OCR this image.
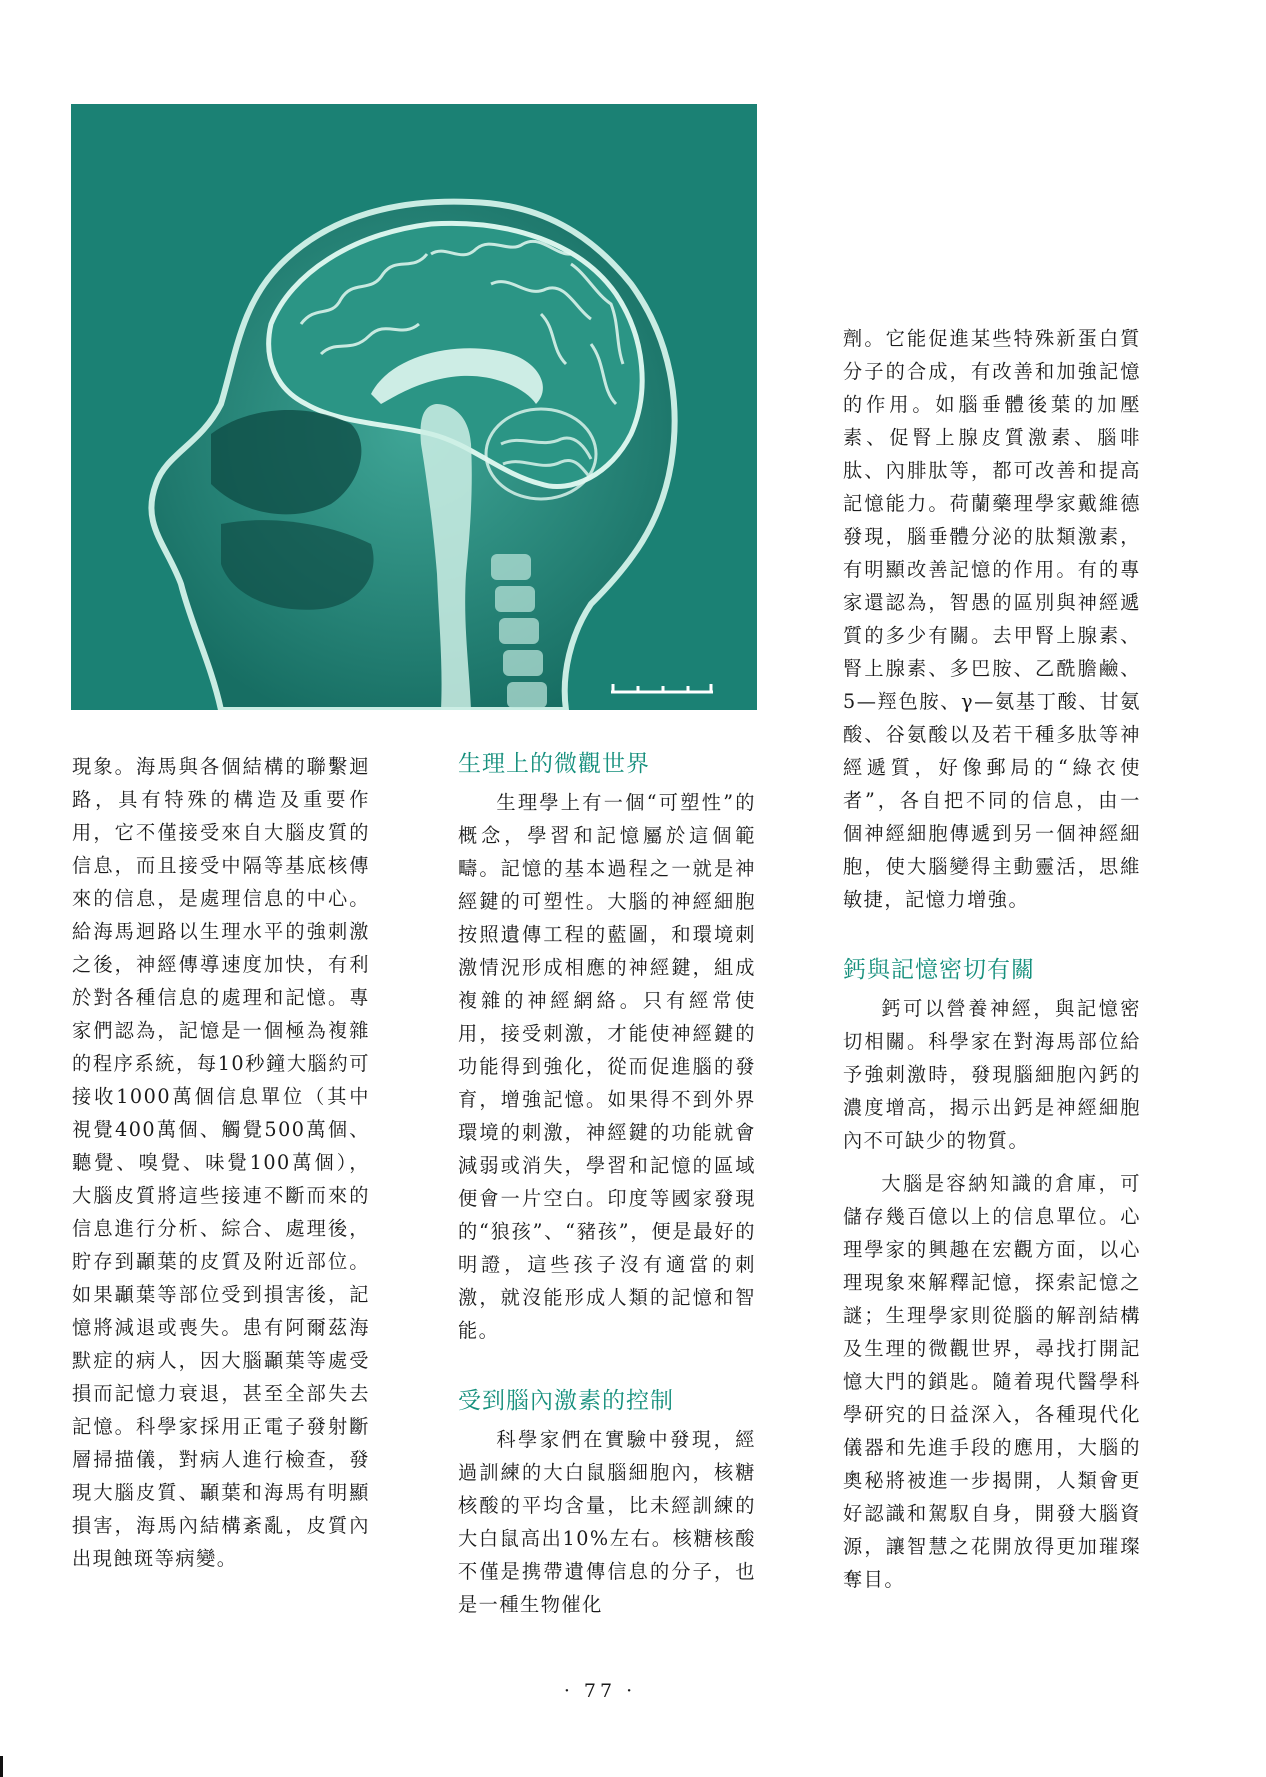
現象。海馬與各個結構的聯繫迴路，具有特殊的構造及重要作用，它不僅接受來自大腦皮質的信息，而且接受中隔等基底核傳來的信息，是處理信息的中心。給海馬迴路以生理水平的強刺激之後，神經傳導速度加快，有利於對各種信息的處理和記憶。專家們認為，記憶是一個極為複雜的程序系統，每10秒鐘大腦約可接收1000萬個信息單位（其中視覺400萬個、觸覺500萬個、聽覺、嗅覺、味覺100萬個），大腦皮質將這些接連不斷而來的信息進行分析、綜合、處理後，貯存到顳葉的皮質及附近部位。如果顳葉等部位受到損害後，記憶將減退或喪失。患有阿爾茲海默症的病人，因大腦顳葉等處受損而記憶力衰退，甚至全部失去記憶。科學家採用正電子發射斷層掃描儀，對病人進行檢查，發現大腦皮質、顳葉和海馬有明顯損害，海馬內結構紊亂，皮質內出現蝕斑等病變。

生理上的微觀世界

生理學上有一個“可塑性”的概念，學習和記憶屬於這個範疇。記憶的基本過程之一就是神經鍵的可塑性。大腦的神經細胞按照遺傳工程的藍圖，和環境刺激情況形成相應的神經鍵，組成複雜的神經網絡。只有經常使用，接受刺激，才能使神經鍵的功能得到強化，從而促進腦的發育，增強記憶。如果得不到外界環境的刺激，神經鍵的功能就會減弱或消失，學習和記憶的區域便會一片空白。印度等國家發現的“狼孩”、“豬孩”，便是最好的明證，這些孩子沒有適當的刺激，就沒能形成人類的記憶和智能。

受到腦內激素的控制

科學家們在實驗中發現，經過訓練的大白鼠腦細胞內，核糖核酸的平均含量，比未經訓練的大白鼠高出10%左右。核糖核酸不僅是携帶遺傳信息的分子，也是一種生物催化

劑。它能促進某些特殊新蛋白質分子的合成，有改善和加強記憶的作用。如腦垂體後葉的加壓素、促腎上腺皮質激素、腦啡肽、內腓肽等，都可改善和提高記憶能力。荷蘭藥理學家戴維德發現，腦垂體分泌的肽類激素，有明顯改善記憶的作用。有的專家還認為，智愚的區別與神經遞質的多少有關。去甲腎上腺素、腎上腺素、多巴胺、乙酰膽鹼、5—羥色胺、γ—氨基丁酸、甘氨酸、谷氨酸以及若干種多肽等神經遞質，好像郵局的“綠衣使者”，各自把不同的信息，由一個神經細胞傳遞到另一個神經細胞，使大腦變得主動靈活，思維敏捷，記憶力增強。

鈣與記憶密切有關

鈣可以營養神經，與記憶密切相關。科學家在對海馬部位給予強刺激時，發現腦細胞內鈣的濃度增高，揭示出鈣是神經細胞內不可缺少的物質。

大腦是容納知識的倉庫，可儲存幾百億以上的信息單位。心理學家的興趣在宏觀方面，以心理現象來解釋記憶，探索記憶之謎；生理學家則從腦的解剖結構及生理的微觀世界，尋找打開記憶大門的鎖匙。隨着現代醫學科學研究的日益深入，各種現代化儀器和先進手段的應用，大腦的奧秘將被進一步揭開，人類會更好認識和駕馭自身，開發大腦資源，讓智慧之花開放得更加璀璨奪目。

· 77 ·
